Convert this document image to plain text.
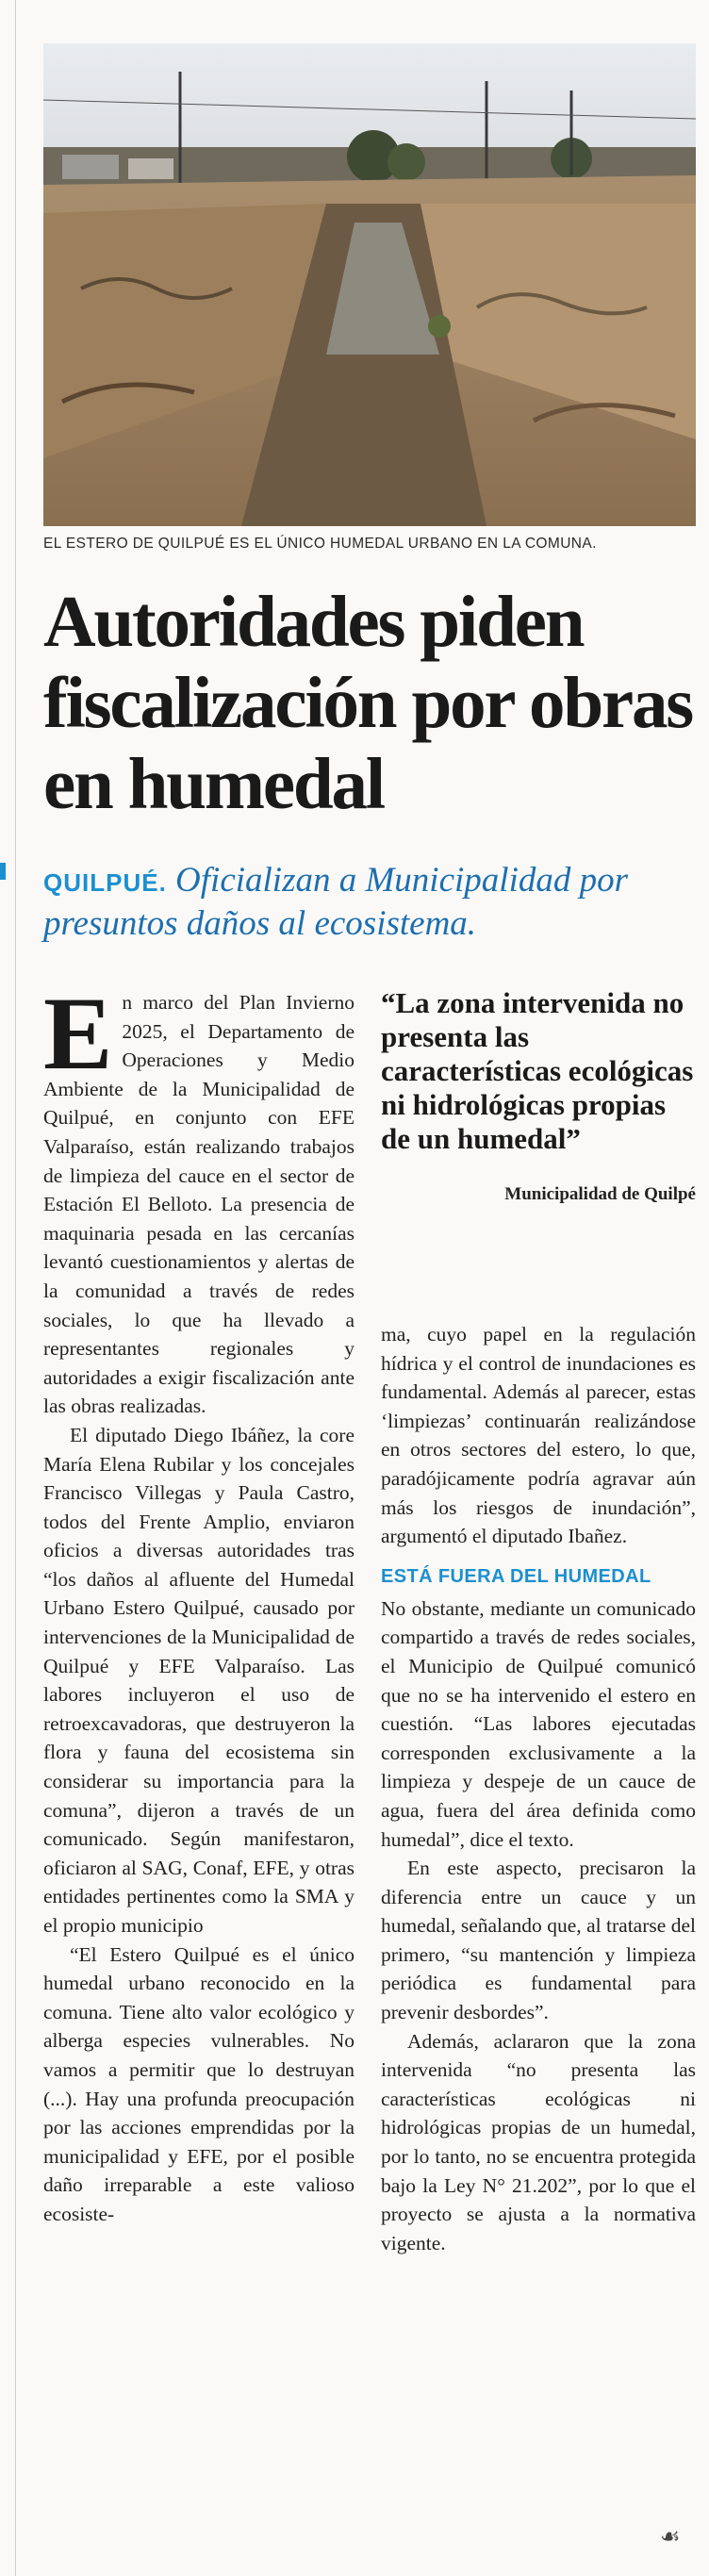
EL ESTERO DE QUILPUÉ ES EL ÚNICO HUMEDAL URBANO EN LA COMUNA.
Autoridades piden fiscalización por obras en humedal

QUILPUÉ. Oficializan a Municipalidad por presuntos daños al ecosistema.

En marco del Plan Invierno 2025, el Departamento de Operaciones y Medio Ambiente de la Municipalidad de Quilpué, en conjunto con EFE Valparaíso, están realizando trabajos de limpieza del cauce en el sector de Estación El Belloto. La presencia de maquinaria pesada en las cercanías levantó cuestionamientos y alertas de la comunidad a través de redes sociales, lo que ha llevado a representantes regionales y autoridades a exigir fiscalización ante las obras realizadas.

El diputado Diego Ibáñez, la core María Elena Rubilar y los concejales Francisco Villegas y Paula Castro, todos del Frente Amplio, enviaron oficios a diversas autoridades tras “los daños al afluente del Humedal Urbano Estero Quilpué, causado por intervenciones de la Municipalidad de Quilpué y EFE Valparaíso. Las labores incluyeron el uso de retroexcavadoras, que destruyeron la flora y fauna del ecosistema sin considerar su importancia para la comuna”, dijeron a través de un comunicado. Según manifestaron, oficiaron al SAG, Conaf, EFE, y otras entidades pertinentes como la SMA y el propio municipio

“El Estero Quilpué es el único humedal urbano reconocido en la comuna. Tiene alto valor ecológico y alberga especies vulnerables. No vamos a permitir que lo destruyan (...). Hay una profunda preocupación por las acciones emprendidas por la municipalidad y EFE, por el posible daño irreparable a este valioso ecosiste-

“La zona intervenida no presenta las características ecológicas ni hidrológicas propias de un humedal”

Municipalidad de Quilpé

ma, cuyo papel en la regulación hídrica y el control de inundaciones es fundamental. Además al parecer, estas ‘limpiezas’ continuarán realizándose en otros sectores del estero, lo que, paradójicamente podría agravar aún más los riesgos de inundación”, argumentó el diputado Ibañez.

ESTÁ FUERA DEL HUMEDAL

No obstante, mediante un comunicado compartido a través de redes sociales, el Municipio de Quilpué comunicó que no se ha intervenido el estero en cuestión. “Las labores ejecutadas corresponden exclusivamente a la limpieza y despeje de un cauce de agua, fuera del área definida como humedal”, dice el texto.

En este aspecto, precisaron la diferencia entre un cauce y un humedal, señalando que, al tratarse del primero, “su mantención y limpieza periódica es fundamental para prevenir desbordes”.

Además, aclararon que la zona intervenida “no presenta las características ecológicas ni hidrológicas propias de un humedal, por lo tanto, no se encuentra protegida bajo la Ley N° 21.202”, por lo que el proyecto se ajusta a la normativa vigente.

☙
